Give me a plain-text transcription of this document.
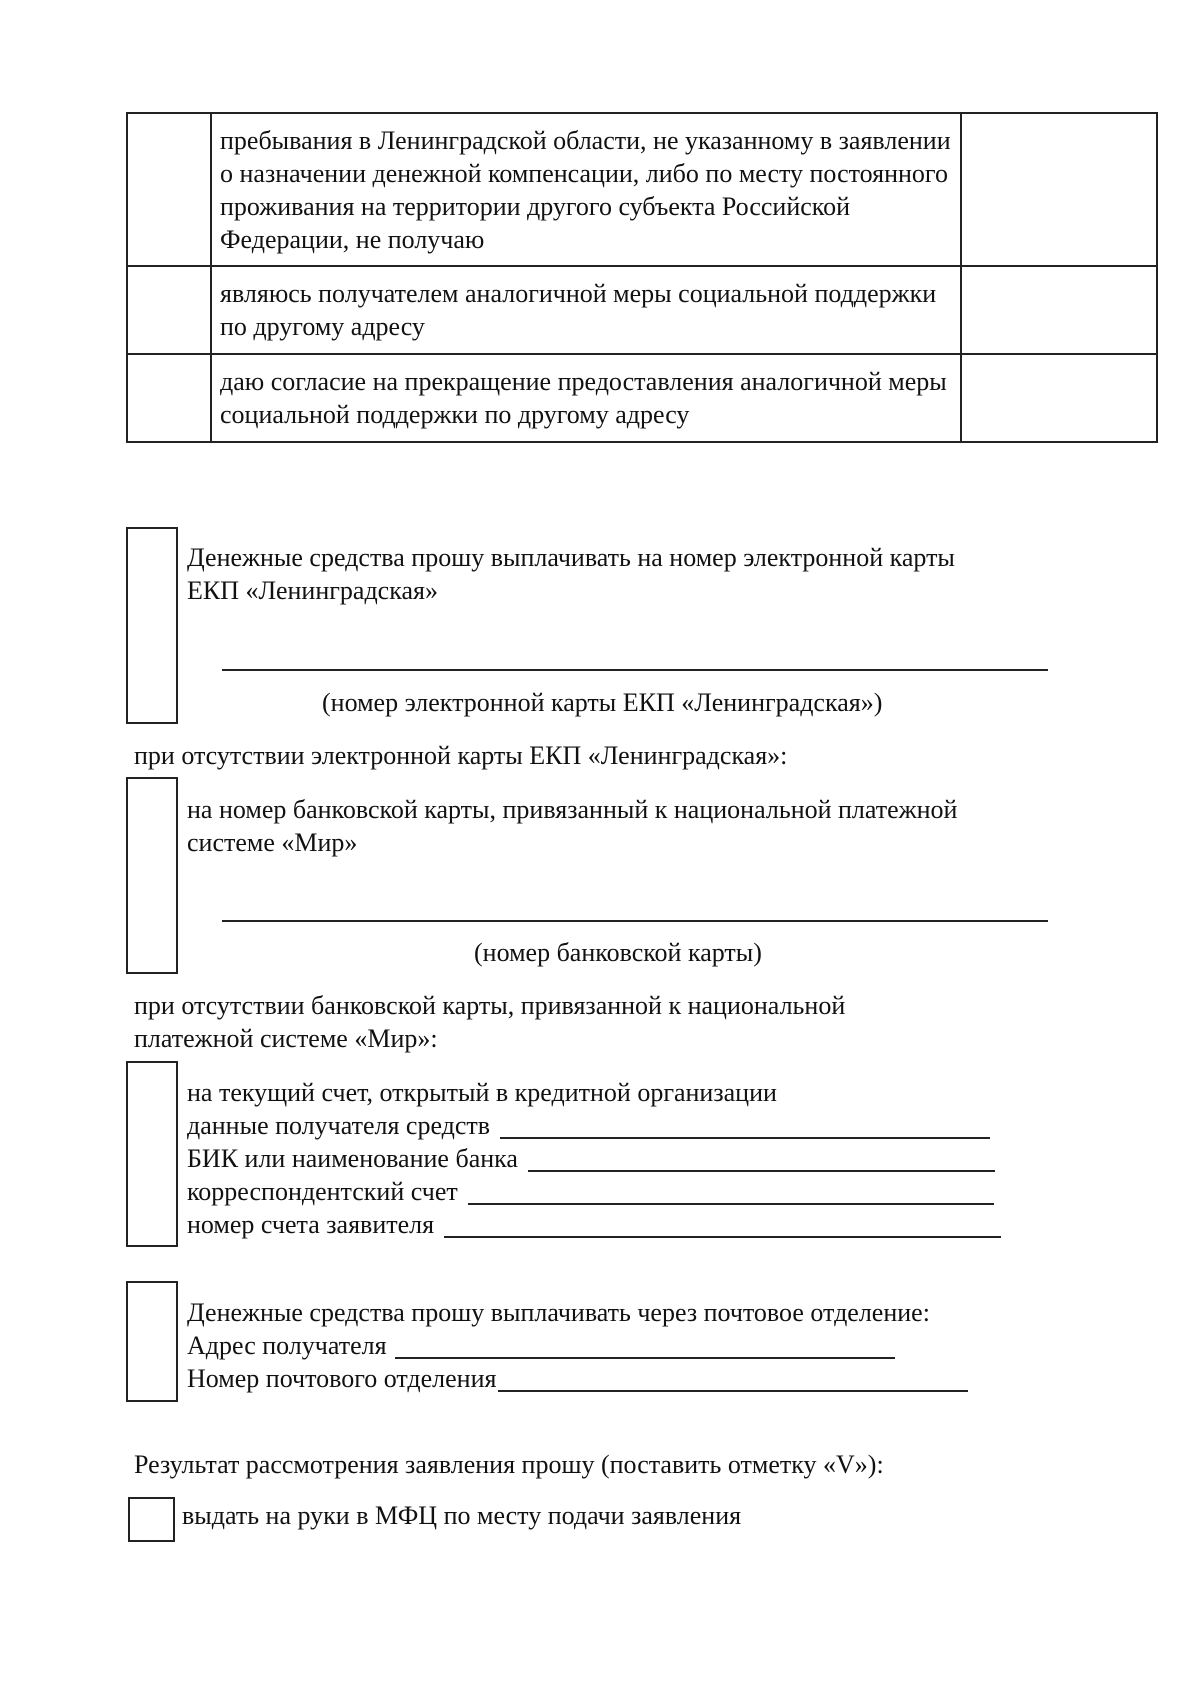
	пребывания в Ленинградской области, не указанному в заявлении о назначении денежной компенсации, либо по месту постоянного проживания на территории другого субъекта Российской Федерации, не получаю	
	являюсь получателем аналогичной меры социальной поддержки по другому адресу	
	даю согласие на прекращение предоставления аналогичной меры социальной поддержки по другому адресу	
Денежные средства прошу выплачивать на номер электронной карты
ЕКП «Ленинградская»
(номер электронной карты ЕКП «Ленинградская»)
при отсутствии электронной карты ЕКП «Ленинградская»:
на номер банковской карты, привязанный к национальной платежной
системе «Мир»
(номер банковской карты)
при отсутствии банковской карты, привязанной к национальной
платежной системе «Мир»:
на текущий счет, открытый в кредитной организации
данные получателя средств
БИК или наименование банка
корреспондентский счет
номер счета заявителя
Денежные средства прошу выплачивать через почтовое отделение:
Адрес получателя
Номер почтового отделения
Результат рассмотрения заявления прошу (поставить отметку «V»):
выдать на руки в МФЦ по месту подачи заявления
